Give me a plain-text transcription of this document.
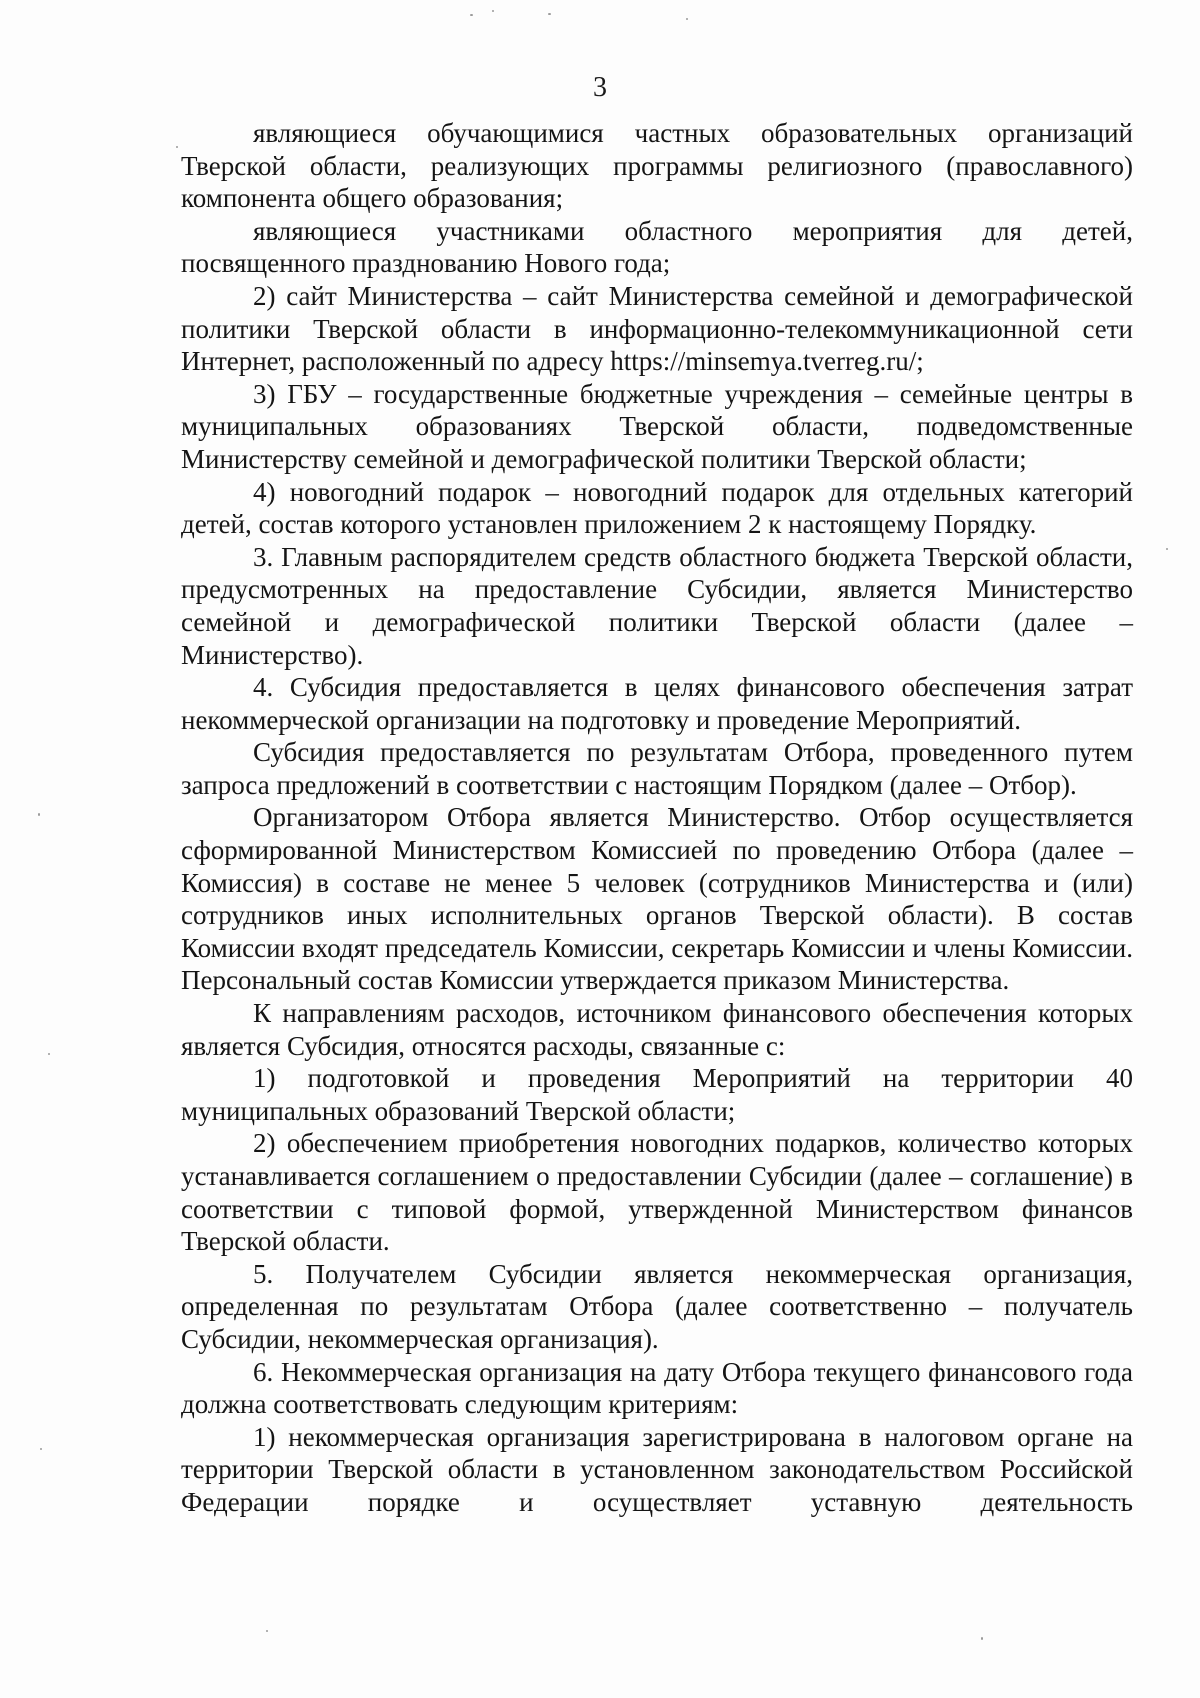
3

являющиеся обучающимися частных образовательных организаций Тверской области, реализующих программы религиозного (православного) компонента общего образования;

являющиеся участниками областного мероприятия для детей, посвященного празднованию Нового года;

2) сайт Министерства – сайт Министерства семейной и демографической политики Тверской области в информационно-телекоммуникационной сети Интернет, расположенный по адресу https://minsemya.tverreg.ru/;

3) ГБУ – государственные бюджетные учреждения – семейные центры в муниципальных образованиях Тверской области, подведомственные Министерству семейной и демографической политики Тверской области;

4) новогодний подарок – новогодний подарок для отдельных категорий детей, состав которого установлен приложением 2 к настоящему Порядку.

3. Главным распорядителем средств областного бюджета Тверской области, предусмотренных на предоставление Субсидии, является Министерство семейной и демографической политики Тверской области (далее – Министерство).

4. Субсидия предоставляется в целях финансового обеспечения затрат некоммерческой организации на подготовку и проведение Мероприятий.

Субсидия предоставляется по результатам Отбора, проведенного путем запроса предложений в соответствии с настоящим Порядком (далее – Отбор).

Организатором Отбора является Министерство. Отбор осуществляется сформированной Министерством Комиссией по проведению Отбора (далее – Комиссия) в составе не менее 5 человек (сотрудников Министерства и (или) сотрудников иных исполнительных органов Тверской области). В состав Комиссии входят председатель Комиссии, секретарь Комиссии и члены Комиссии. Персональный состав Комиссии утверждается приказом Министерства.

К направлениям расходов, источником финансового обеспечения которых является Субсидия, относятся расходы, связанные с:

1) подготовкой и проведения Мероприятий на территории 40 муниципальных образований Тверской области;

2) обеспечением приобретения новогодних подарков, количество которых устанавливается соглашением о предоставлении Субсидии (далее – соглашение) в соответствии с типовой формой, утвержденной Министерством финансов Тверской области.

5. Получателем Субсидии является некоммерческая организация, определенная по результатам Отбора (далее соответственно – получатель Субсидии, некоммерческая организация).

6. Некоммерческая организация на дату Отбора текущего финансового года должна соответствовать следующим критериям:

1) некоммерческая организация зарегистрирована в налоговом органе на территории Тверской области в установленном законодательством Российской Федерации порядке и осуществляет уставную деятельность
